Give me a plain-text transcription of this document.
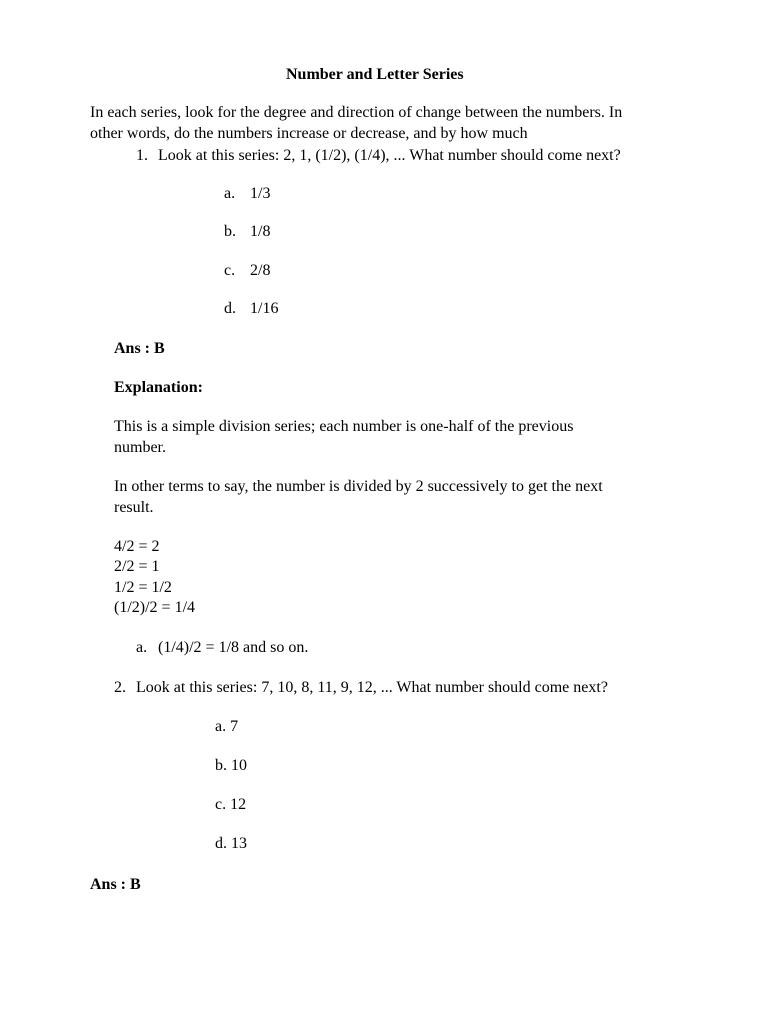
Number and Letter Series
In each series, look for the degree and direction of change between the numbers. In
other words, do the numbers increase or decrease, and by how much
1. Look at this series: 2, 1, (1/2), (1/4), ... What number should come next?
a. 1/3
b. 1/8
c. 2/8
d. 1/16
Ans : B
Explanation:
This is a simple division series; each number is one-half of the previous
number.
In other terms to say, the number is divided by 2 successively to get the next
result.
4/2 = 2
2/2 = 1
1/2 = 1/2
(1/2)/2 = 1/4
a. (1/4)/2 = 1/8 and so on.
2. Look at this series: 7, 10, 8, 11, 9, 12, ... What number should come next?
a. 7
b. 10
c. 12
d. 13
Ans : B
